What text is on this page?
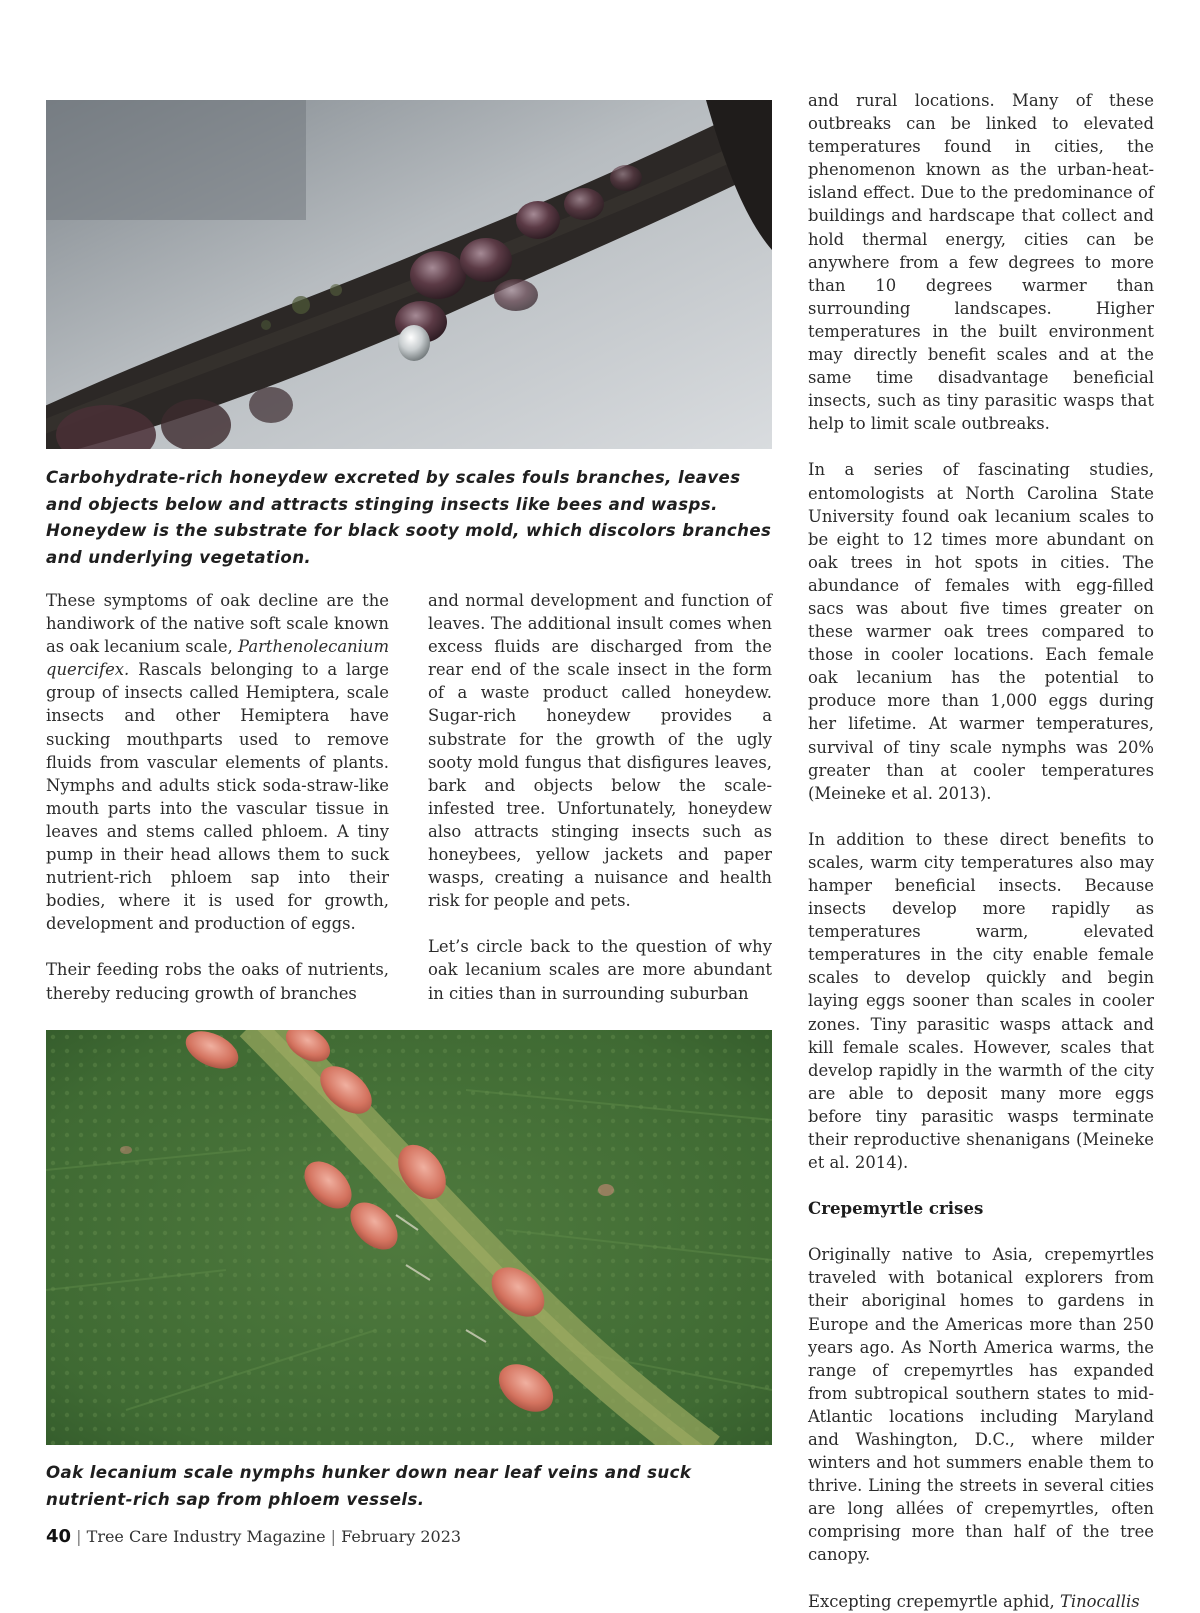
Carbohydrate-rich honeydew excreted by scales fouls branches, leaves and objects below and attracts stinging insects like bees and wasps. Honeydew is the substrate for black sooty mold, which discolors branches and underlying vegetation.

These symptoms of oak decline are the handiwork of the native soft scale known as oak lecanium scale, Parthenolecanium quercifex. Rascals belonging to a large group of insects called Hemiptera, scale insects and other Hemiptera have sucking mouthparts used to remove fluids from vascular elements of plants. Nymphs and adults stick soda-straw-like mouth parts into the vascular tissue in leaves and stems called phloem. A tiny pump in their head allows them to suck nutrient-rich phloem sap into their bodies, where it is used for growth, development and production of eggs.

Their feeding robs the oaks of nutrients, thereby reducing growth of branches

and normal development and function of leaves. The additional insult comes when excess fluids are discharged from the rear end of the scale insect in the form of a waste product called honeydew. Sugar-rich honeydew provides a substrate for the growth of the ugly sooty mold fungus that disfigures leaves, bark and objects below the scale-infested tree. Unfortunately, honeydew also attracts stinging insects such as honeybees, yellow jackets and paper wasps, creating a nuisance and health risk for people and pets.

Let’s circle back to the question of why oak lecanium scales are more abundant in cities than in surrounding suburban

Oak lecanium scale nymphs hunker down near leaf veins and suck nutrient-rich sap from phloem vessels.

and rural locations. Many of these outbreaks can be linked to elevated temperatures found in cities, the phenomenon known as the urban-heat-island effect. Due to the predominance of buildings and hardscape that collect and hold thermal energy, cities can be anywhere from a few degrees to more than 10 degrees warmer than surrounding landscapes. Higher temperatures in the built environment may directly benefit scales and at the same time disadvantage beneficial insects, such as tiny parasitic wasps that help to limit scale outbreaks.

In a series of fascinating studies, entomologists at North Carolina State University found oak lecanium scales to be eight to 12 times more abundant on oak trees in hot spots in cities. The abundance of females with egg-filled sacs was about five times greater on these warmer oak trees compared to those in cooler locations. Each female oak lecanium has the potential to produce more than 1,000 eggs during her lifetime. At warmer temperatures, survival of tiny scale nymphs was 20% greater than at cooler temperatures (Meineke et al. 2013).

In addition to these direct benefits to scales, warm city temperatures also may hamper beneficial insects. Because insects develop more rapidly as temperatures warm, elevated temperatures in the city enable female scales to develop quickly and begin laying eggs sooner than scales in cooler zones. Tiny parasitic wasps attack and kill female scales. However, scales that develop rapidly in the warmth of the city are able to deposit many more eggs before tiny parasitic wasps terminate their reproductive shenanigans (Meineke et al. 2014).

Crepemyrtle crises

Originally native to Asia, crepemyrtles traveled with botanical explorers from their aboriginal homes to gardens in Europe and the Americas more than 250 years ago. As North America warms, the range of crepemyrtles has expanded from subtropical southern states to mid-Atlantic locations including Maryland and Washington, D.C., where milder winters and hot summers enable them to thrive. Lining the streets in several cities are long allées of crepemyrtles, often comprising more than half of the tree canopy.

Excepting crepemyrtle aphid, Tinocallis

40 | Tree Care Industry Magazine | February 2023
